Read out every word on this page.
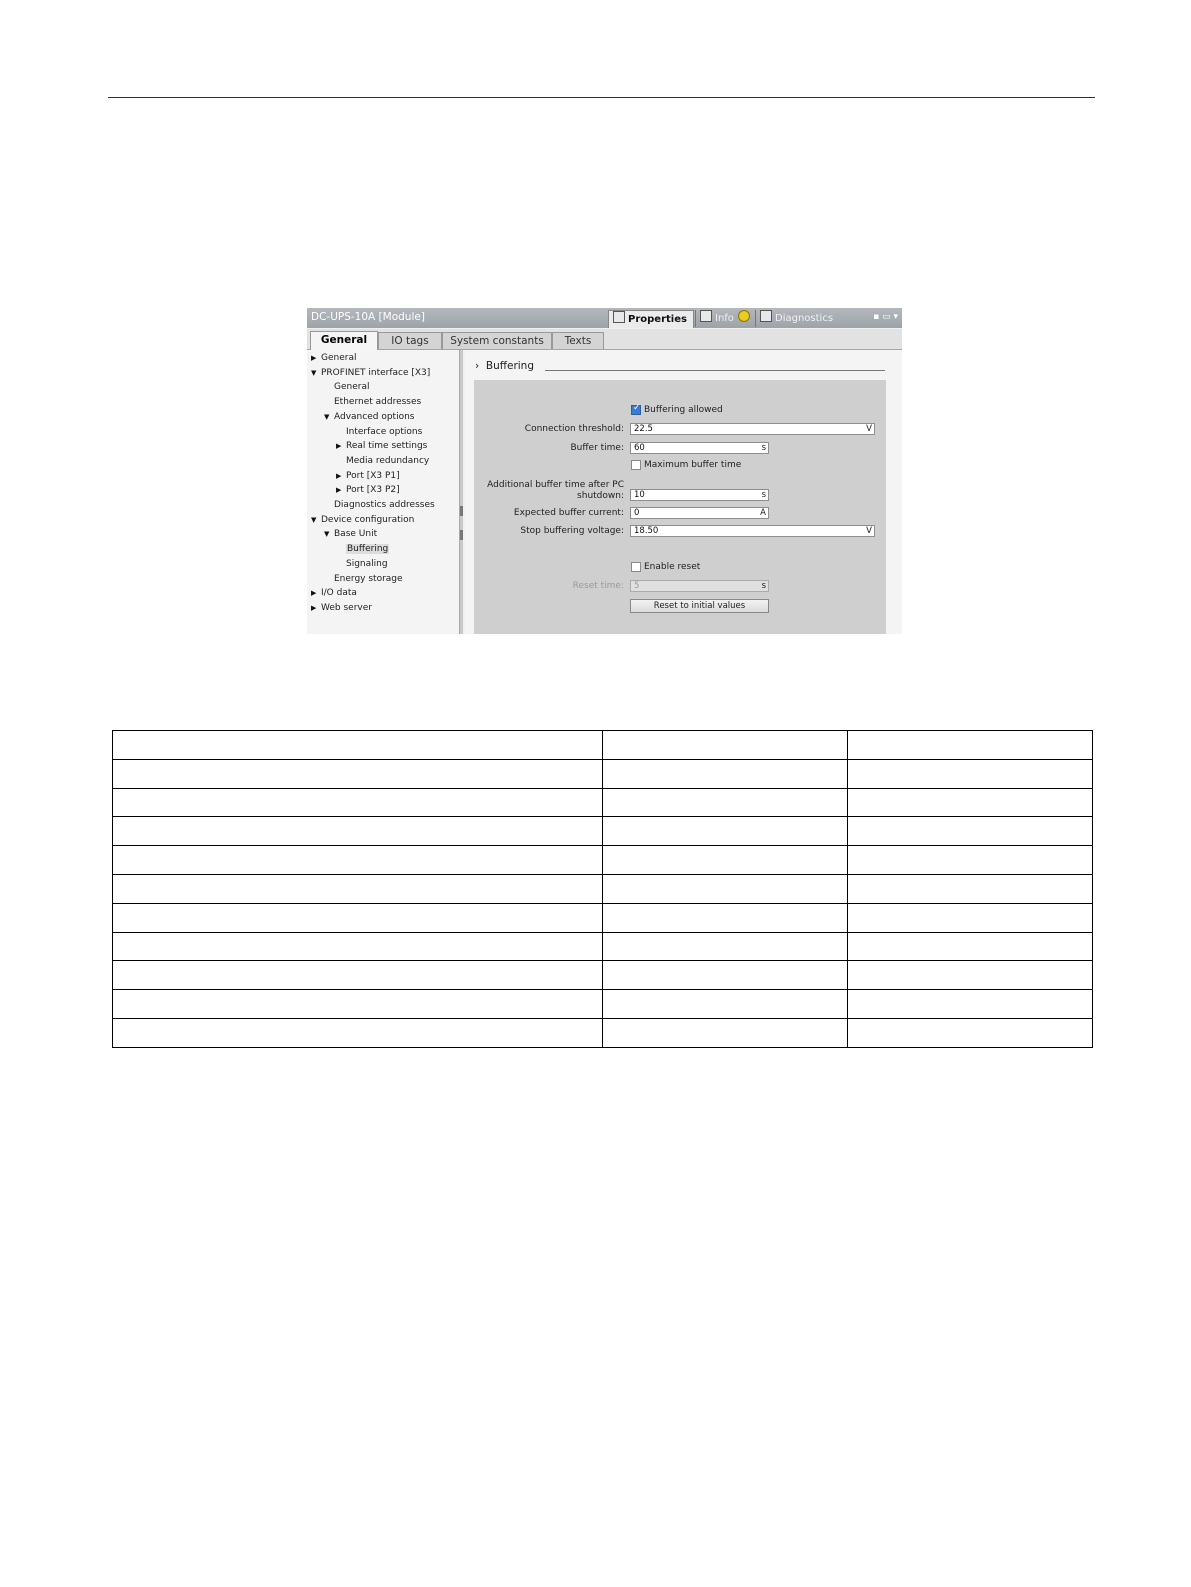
DC-UPS-10A [Module]	Properties	Info	Diagnostics	▪ ▭ ▾
General	IO tags	System constants	Texts
▶ General
▼ PROFINET interface [X3]
General
Ethernet addresses
▼ Advanced options
Interface options
▶ Real time settings
Media redundancy
▶ Port [X3 P1]
▶ Port [X3 P2]
Diagnostics addresses
▼ Device configuration
▼ Base Unit
Buffering
Signaling
Energy storage
▶ I/O data
▶ Web server
› Buffering
✓
Buffering allowed
Connection threshold:	22.5	V
Buffer time:	60	s
Maximum buffer time
Additional buffer time after PC
shutdown:	10	s
Expected buffer current:	0	A
Stop buffering voltage:	18.50	V
Enable reset
Reset time:	5	s
Reset to initial values
